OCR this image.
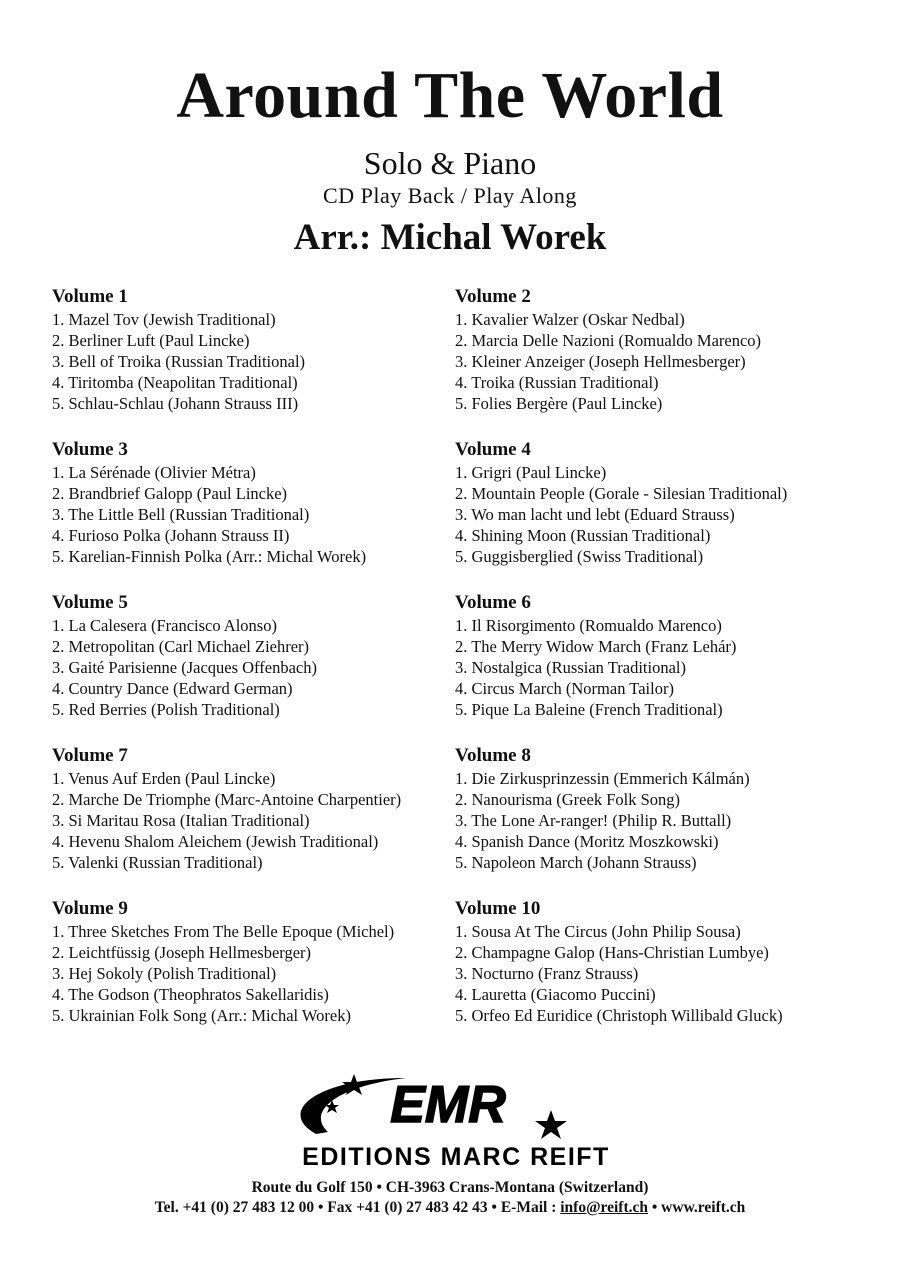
Around The World
Solo & Piano
CD Play Back / Play Along
Arr.: Michal Worek
Volume 1
1. Mazel Tov (Jewish Traditional)
2. Berliner Luft (Paul Lincke)
3. Bell of Troika (Russian Traditional)
4. Tiritomba (Neapolitan Traditional)
5. Schlau-Schlau (Johann Strauss III)
Volume 2
1. Kavalier Walzer (Oskar Nedbal)
2. Marcia Delle Nazioni (Romualdo Marenco)
3. Kleiner Anzeiger (Joseph Hellmesberger)
4. Troika (Russian Traditional)
5. Folies Bergère (Paul Lincke)
Volume 3
1. La Sérénade (Olivier Métra)
2. Brandbrief Galopp (Paul Lincke)
3. The Little Bell (Russian Traditional)
4. Furioso Polka (Johann Strauss II)
5. Karelian-Finnish Polka (Arr.: Michal Worek)
Volume 4
1. Grigri (Paul Lincke)
2. Mountain People (Gorale - Silesian Traditional)
3. Wo man lacht und lebt (Eduard Strauss)
4. Shining Moon (Russian Traditional)
5. Guggisberglied (Swiss Traditional)
Volume 5
1. La Calesera (Francisco Alonso)
2. Metropolitan (Carl Michael Ziehrer)
3. Gaité Parisienne (Jacques Offenbach)
4. Country Dance (Edward German)
5. Red Berries (Polish Traditional)
Volume 6
1. Il Risorgimento (Romualdo Marenco)
2. The Merry Widow March (Franz Lehár)
3. Nostalgica (Russian Traditional)
4. Circus March (Norman Tailor)
5. Pique La Baleine (French Traditional)
Volume 7
1. Venus Auf Erden (Paul Lincke)
2. Marche De Triomphe (Marc-Antoine Charpentier)
3. Si Maritau Rosa (Italian Traditional)
4. Hevenu Shalom Aleichem (Jewish Traditional)
5. Valenki (Russian Traditional)
Volume 8
1. Die Zirkusprinzessin (Emmerich Kálmán)
2. Nanourisma (Greek Folk Song)
3. The Lone Ar-ranger! (Philip R. Buttall)
4. Spanish Dance (Moritz Moszkowski)
5. Napoleon March (Johann Strauss)
Volume 9
1. Three Sketches From The Belle Epoque (Michel)
2. Leichtfüssig (Joseph Hellmesberger)
3. Hej Sokoly (Polish Traditional)
4. The Godson (Theophratos Sakellaridis)
5. Ukrainian Folk Song (Arr.: Michal Worek)
Volume 10
1. Sousa At The Circus (John Philip Sousa)
2. Champagne Galop (Hans-Christian Lumbye)
3. Nocturno (Franz Strauss)
4. Lauretta (Giacomo Puccini)
5. Orfeo Ed Euridice (Christoph Willibald Gluck)
EMR
EDITIONS MARC REIFT
Route du Golf 150 • CH-3963 Crans-Montana (Switzerland)
Tel. +41 (0) 27 483 12 00 • Fax +41 (0) 27 483 42 43 • E-Mail : info@reift.ch • www.reift.ch
